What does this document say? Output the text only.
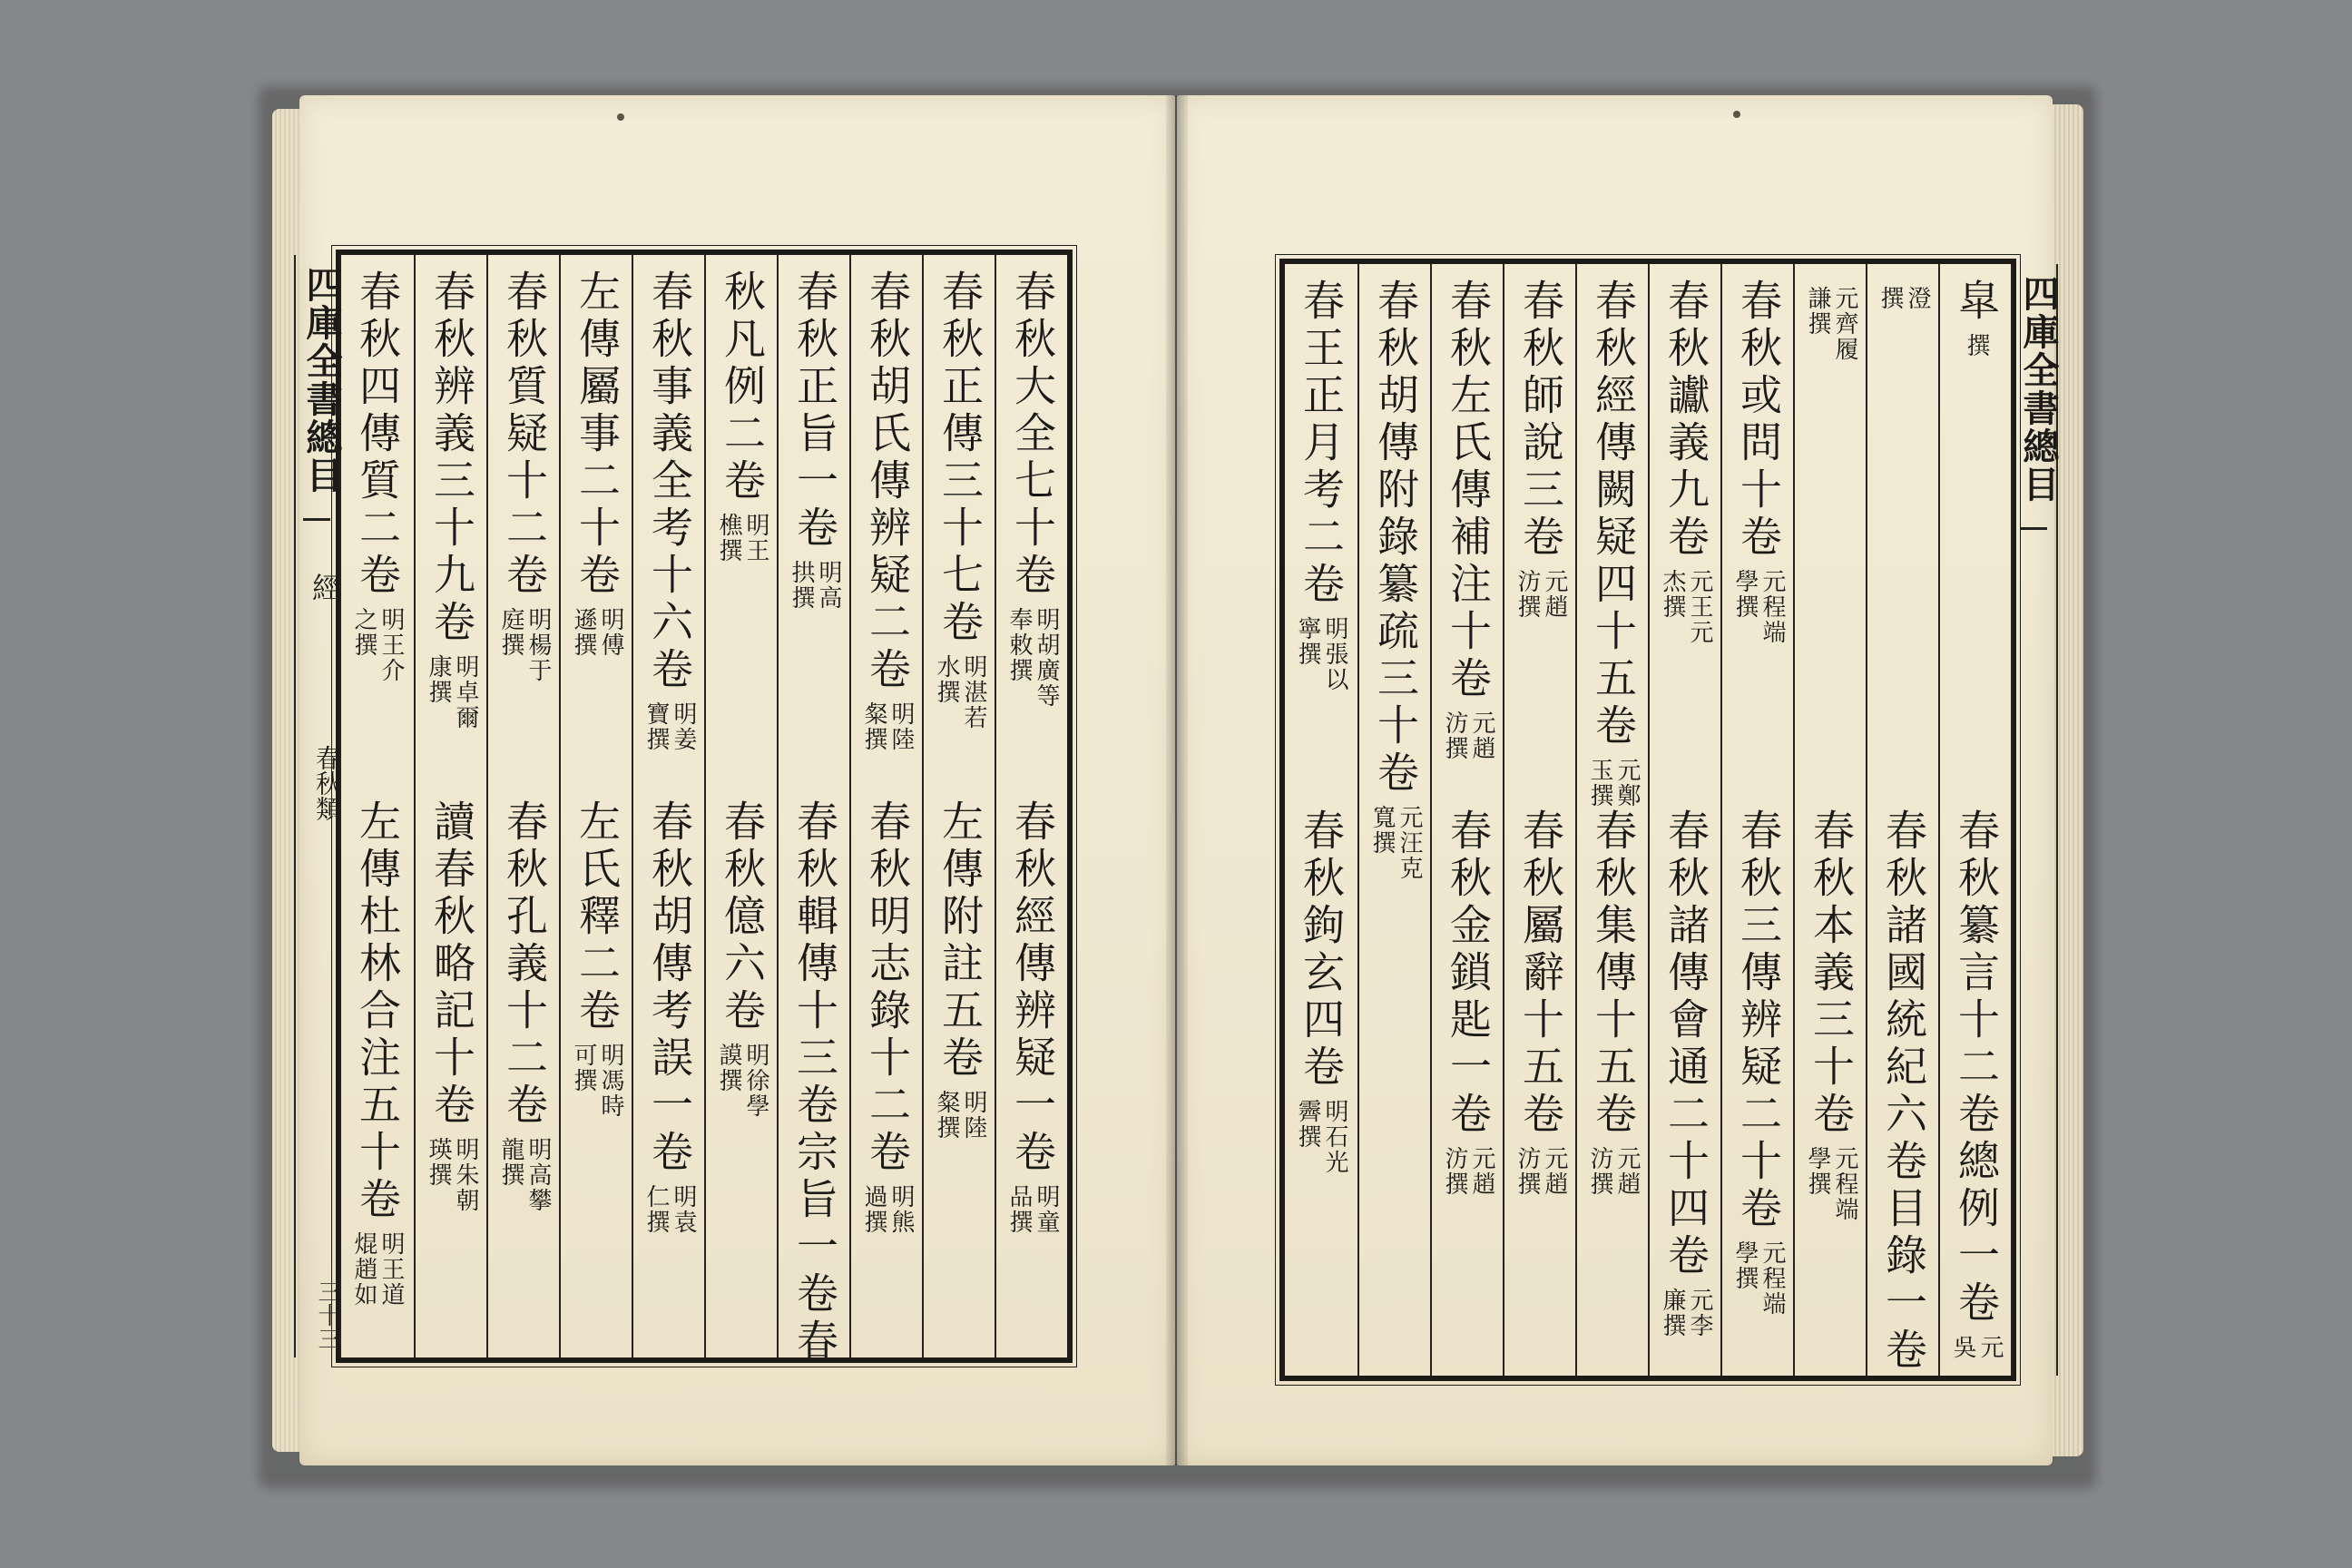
四庫全書總目
經
春秋類
三十三
春秋大全七十卷
明胡廣等
奉敕撰
春秋經傳辨疑一卷
明童
品撰
春秋正傳三十七卷
明湛若
水撰
左傳附註五卷
明陸
粲撰
春秋胡氏傳辨疑二卷
明陸
粲撰
春秋明志錄十二卷
明熊
過撰
春秋正旨一卷
明高
拱撰
春秋輯傳十三卷宗旨一卷春
秋凡例二卷
明王
樵撰
春秋億六卷
明徐學
謨撰
春秋事義全考十六卷
明姜
寶撰
春秋胡傳考誤一卷
明袁
仁撰
左傳屬事二十卷
明傅
遜撰
左氏釋二卷
明馮時
可撰
春秋質疑十二卷
明楊于
庭撰
春秋孔義十二卷
明高攀
龍撰
春秋辨義三十九卷
明卓爾
康撰
讀春秋略記十卷
明朱朝
瑛撰
春秋四傳質二卷
明王介
之撰
左傳杜林合注五十卷
明王道
焜趙如
四庫全書總目
皐
撰
春秋纂言十二卷總例一卷
元
吳
澄
撰
春秋諸國統紀六卷目錄一卷
元齊履
謙撰
春秋本義三十卷
元程端
學撰
春秋或問十卷
元程端
學撰
春秋三傳辨疑二十卷
元程端
學撰
春秋讞義九卷
元王元
杰撰
春秋諸傳會通二十四卷
元李
廉撰
春秋經傳闕疑四十五卷
元鄭
玉撰
春秋集傳十五卷
元趙
汸撰
春秋師說三卷
元趙
汸撰
春秋屬辭十五卷
元趙
汸撰
春秋左氏傳補注十卷
元趙
汸撰
春秋金鎖匙一卷
元趙
汸撰
春秋胡傳附錄纂疏三十卷
元汪克
寬撰
春王正月考二卷
明張以
寧撰
春秋鉤玄四卷
明石光
霽撰
